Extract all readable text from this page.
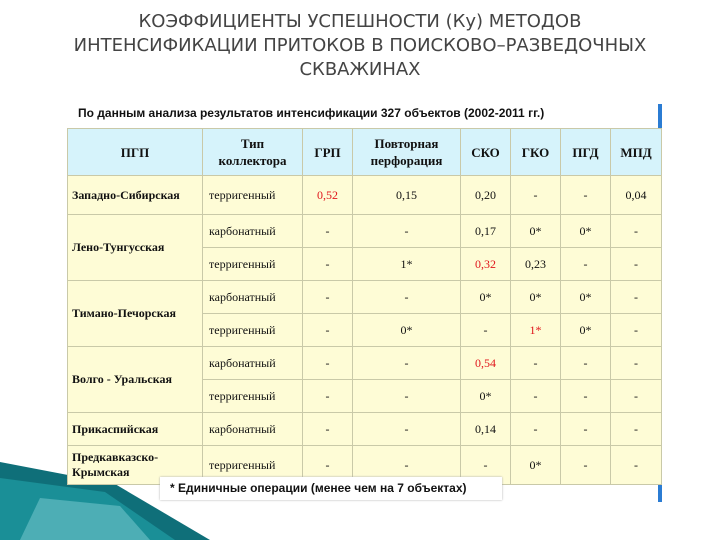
КОЭФФИЦИЕНТЫ УСПЕШНОСТИ (Ку) МЕТОДОВ
ИНТЕНСИФИКАЦИИ ПРИТОКОВ В ПОИСКОВО–РАЗВЕДОЧНЫХ
СКВАЖИНАХ
По данным анализа результатов интенсификации 327 объектов (2002-2011 гг.)
ПГП	Тип коллектора	ГРП	Повторная перфорация	СКО	ГКО	ПГД	МПД
Западно-Сибирская	терригенный	0,52	0,15	0,20	-	-	0,04
Лено-Тунгусская	карбонатный	-	-	0,17	0*	0*	-
	терригенный	-	1*	0,32	0,23	-	-
Тимано-Печорская	карбонатный	-	-	0*	0*	0*	-
	терригенный	-	0*	-	1*	0*	-
Волго - Уральская	карбонатный	-	-	0,54	-	-	-
	терригенный	-	-	0*	-	-	-
Прикаспийская	карбонатный	-	-	0,14	-	-	-
Предкавказско-Крымская	терригенный	-	-	-	0*	-	-
* Единичные операции (менее чем на 7 объектах)
